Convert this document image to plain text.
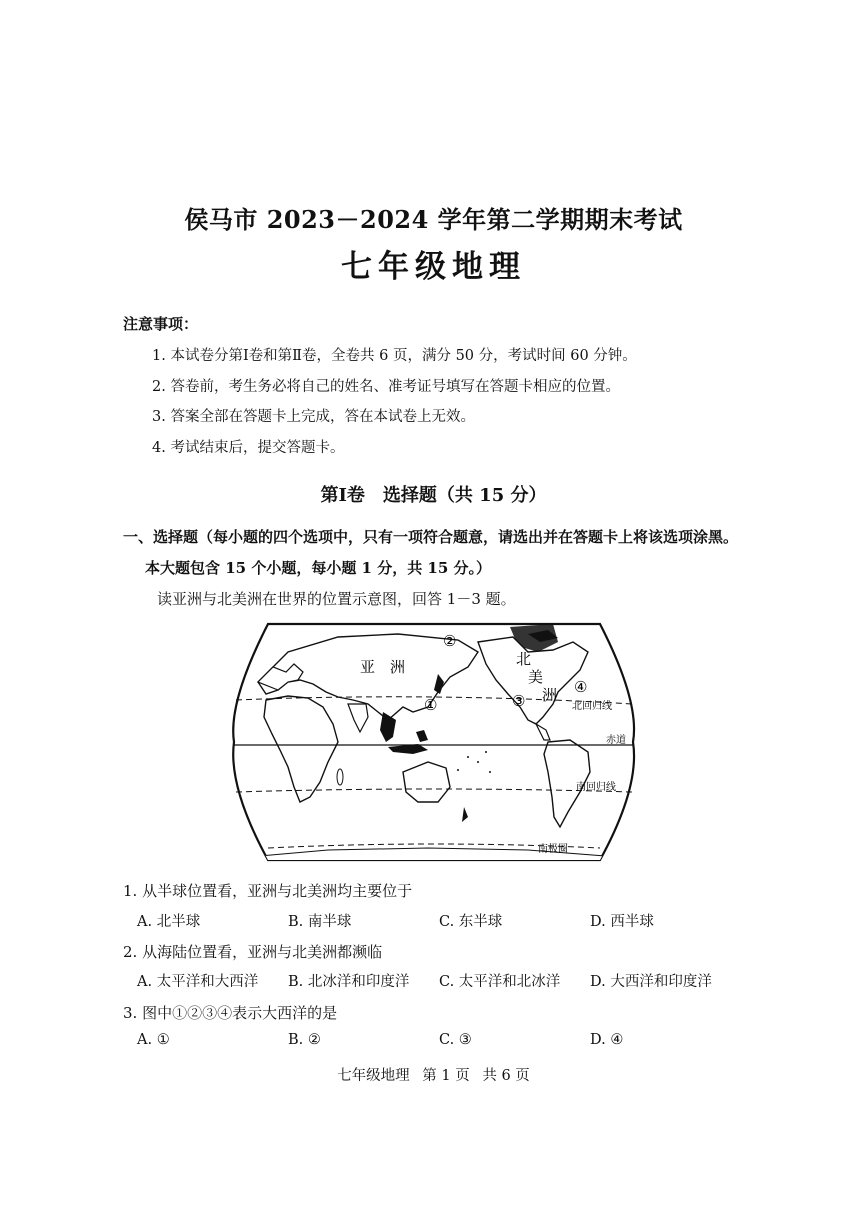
侯马市 2023－2024 学年第二学期期末考试
七年级地理
注意事项：
1. 本试卷分第Ⅰ卷和第Ⅱ卷，全卷共 6 页，满分 50 分，考试时间 60 分钟。
2. 答卷前，考生务必将自己的姓名、准考证号填写在答题卡相应的位置。
3. 答案全部在答题卡上完成，答在本试卷上无效。
4. 考试结束后，提交答题卡。
第Ⅰ卷　选择题（共 15 分）
一、选择题（每小题的四个选项中，只有一项符合题意，请选出并在答题卡上将该选项涂黑。
本大题包含 15 个小题，每小题 1 分，共 15 分。）
读亚洲与北美洲在世界的位置示意图，回答 1－3 题。
亚　洲	北
美
洲
①
②
③
④
北回归线
赤道
南回归线
南极圈
1. 从半球位置看，亚洲与北美洲均主要位于
A. 北半球	B. 南半球	C. 东半球	D. 西半球
2. 从海陆位置看，亚洲与北美洲都濒临
A. 太平洋和大西洋 B. 北冰洋和印度洋 C. 太平洋和北冰洋 D. 大西洋和印度洋
3. 图中①②③④表示大西洋的是
A. ①	B. ②	C. ③	D. ④
七年级地理 第 1 页 共 6 页
